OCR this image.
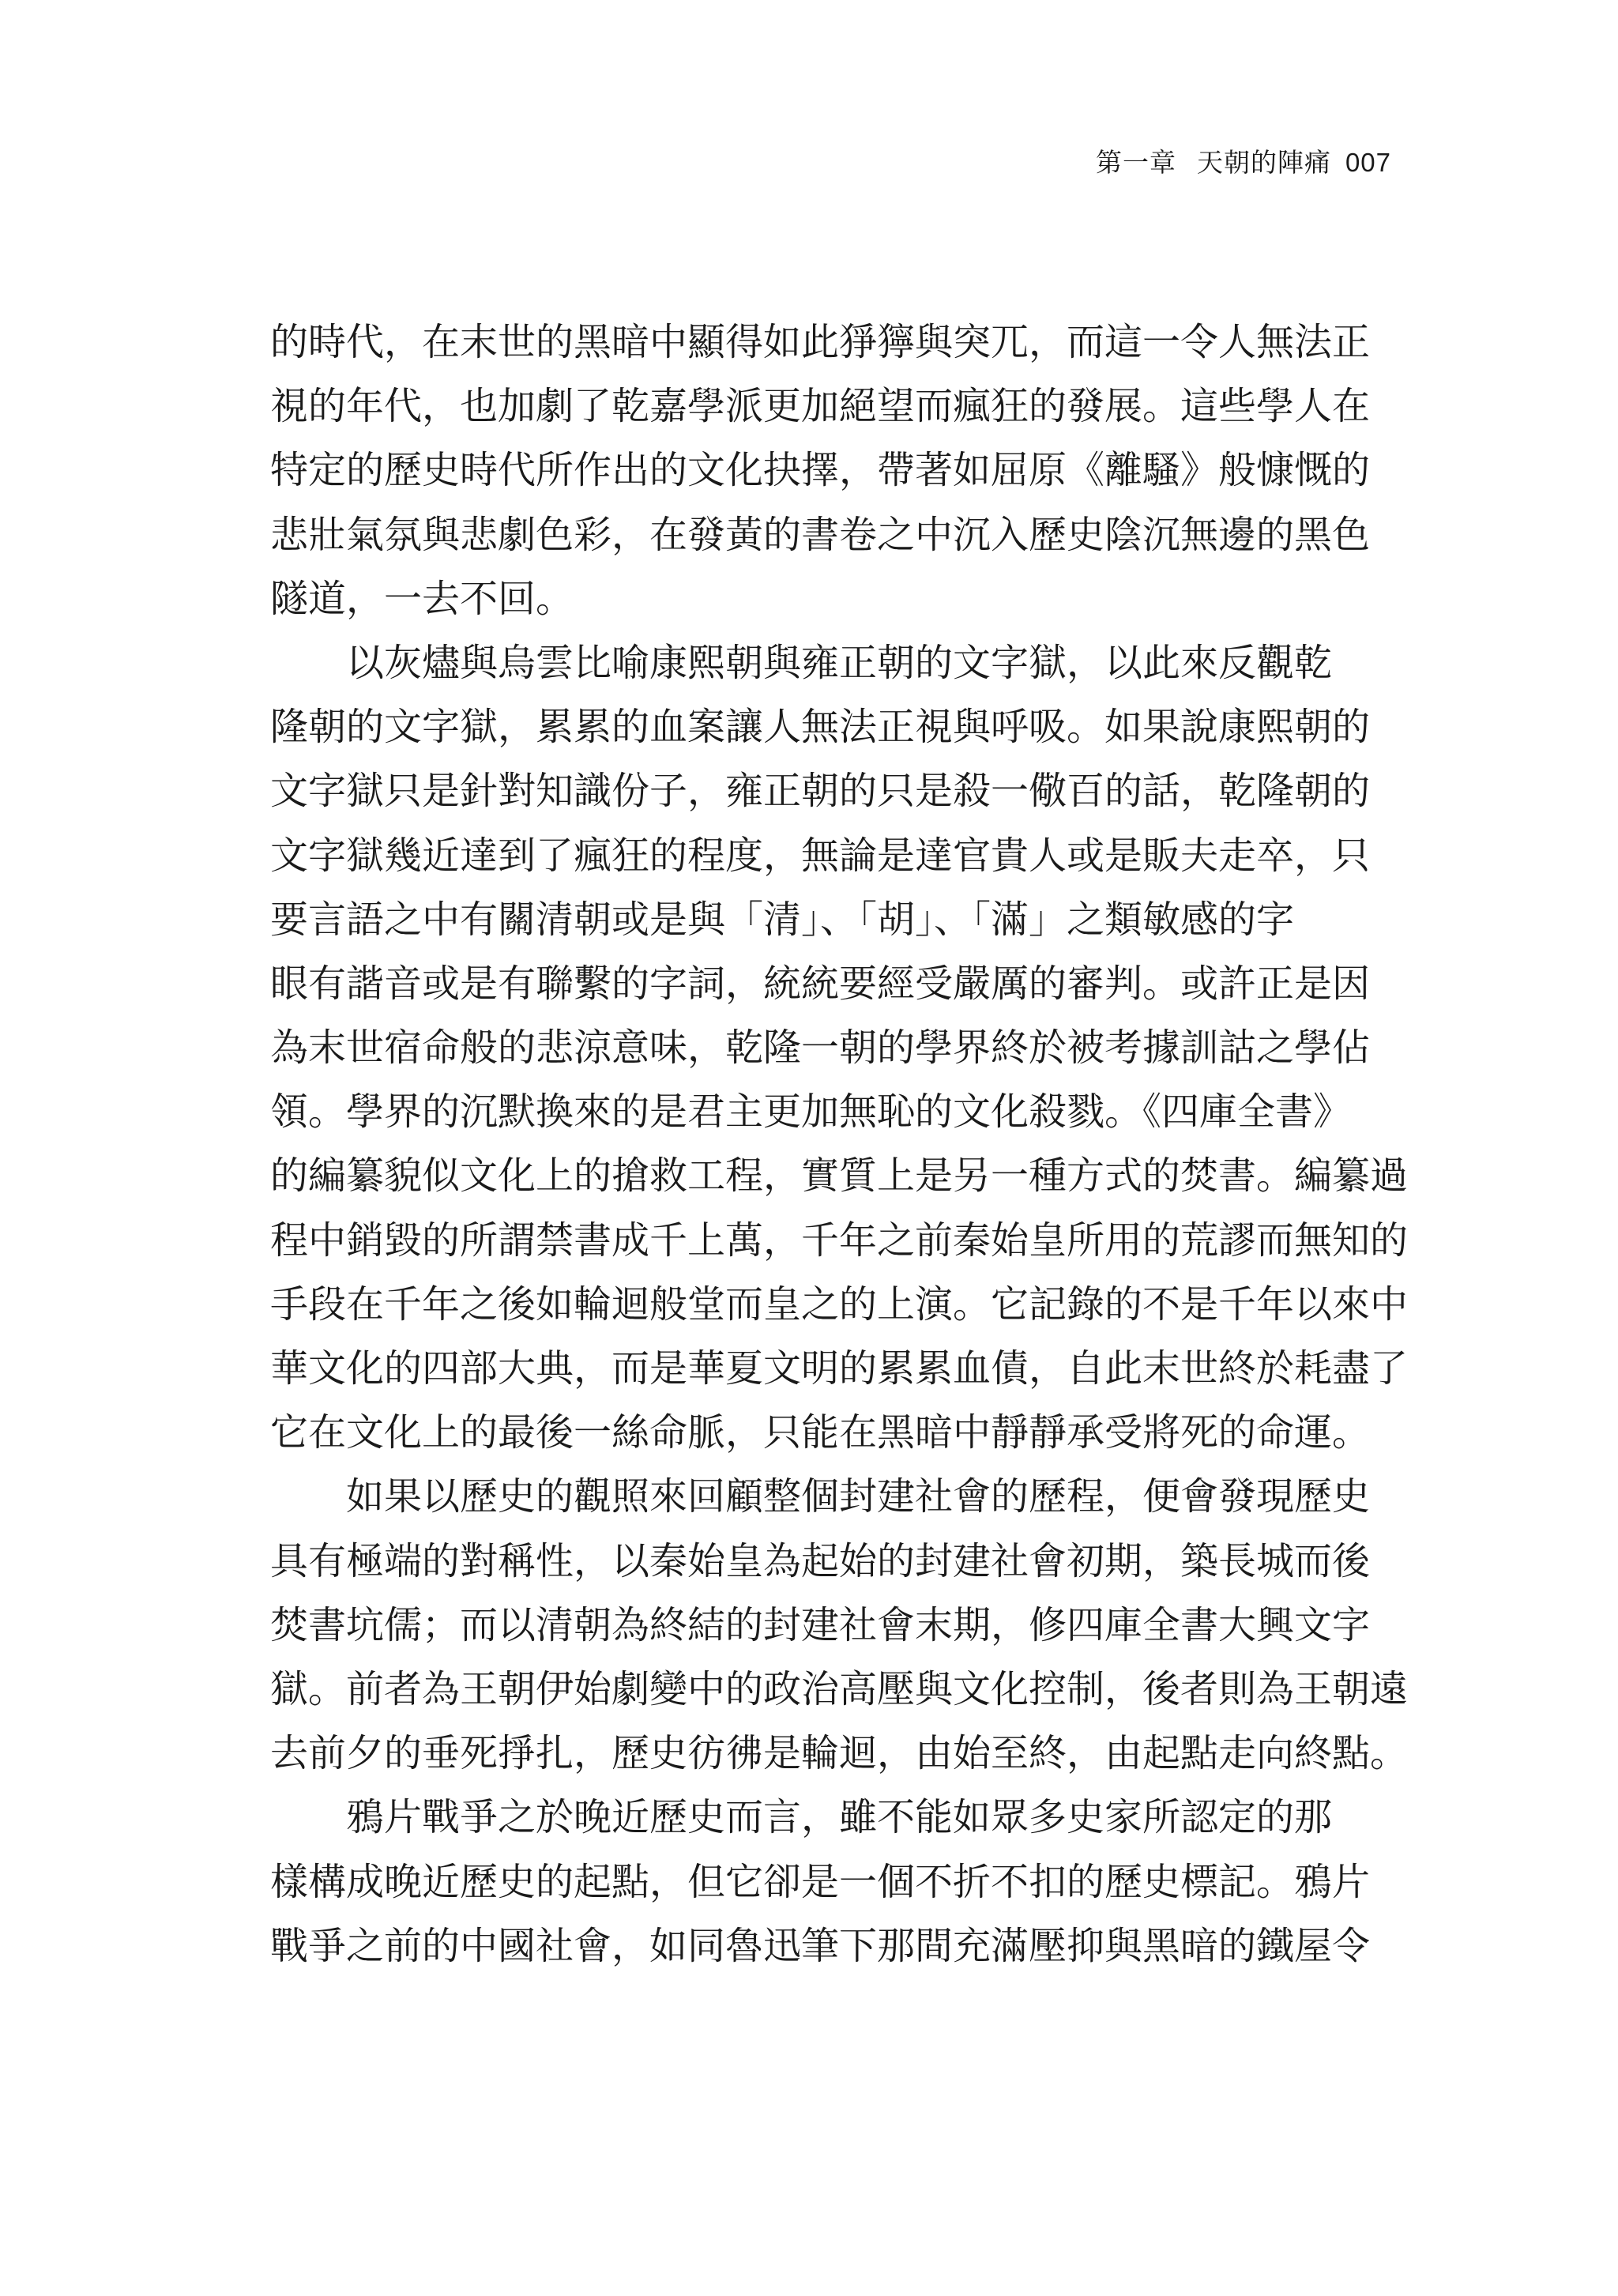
第一章 天朝的陣痛 007
的時代，在末世的黑暗中顯得如此猙獰與突兀，而這一令人無法正
視的年代，也加劇了乾嘉學派更加絕望而瘋狂的發展。這些學人在
特定的歷史時代所作出的文化抉擇，帶著如屈原《離騷》般慷慨的
悲壯氣氛與悲劇色彩，在發黃的書卷之中沉入歷史陰沉無邊的黑色
隧道，一去不回。
以灰燼與烏雲比喻康熙朝與雍正朝的文字獄，以此來反觀乾
隆朝的文字獄，累累的血案讓人無法正視與呼吸。如果說康熙朝的
文字獄只是針對知識份子，雍正朝的只是殺一儆百的話，乾隆朝的
文字獄幾近達到了瘋狂的程度，無論是達官貴人或是販夫走卒，只
要言語之中有關清朝或是與「清」、「胡」、「滿」之類敏感的字
眼有諧音或是有聯繫的字詞，統統要經受嚴厲的審判。或許正是因
為末世宿命般的悲涼意味，乾隆一朝的學界終於被考據訓詁之學佔
領。學界的沉默換來的是君主更加無恥的文化殺戮。《四庫全書》
的編纂貌似文化上的搶救工程，實質上是另一種方式的焚書。編纂過
程中銷毀的所謂禁書成千上萬，千年之前秦始皇所用的荒謬而無知的
手段在千年之後如輪迴般堂而皇之的上演。它記錄的不是千年以來中
華文化的四部大典，而是華夏文明的累累血債，自此末世終於耗盡了
它在文化上的最後一絲命脈，只能在黑暗中靜靜承受將死的命運。
如果以歷史的觀照來回顧整個封建社會的歷程，便會發現歷史
具有極端的對稱性，以秦始皇為起始的封建社會初期，築長城而後
焚書坑儒；而以清朝為終結的封建社會末期，修四庫全書大興文字
獄。前者為王朝伊始劇變中的政治高壓與文化控制，後者則為王朝遠
去前夕的垂死掙扎，歷史彷彿是輪迴，由始至終，由起點走向終點。
鴉片戰爭之於晚近歷史而言，雖不能如眾多史家所認定的那
樣構成晚近歷史的起點，但它卻是一個不折不扣的歷史標記。鴉片
戰爭之前的中國社會，如同魯迅筆下那間充滿壓抑與黑暗的鐵屋令
